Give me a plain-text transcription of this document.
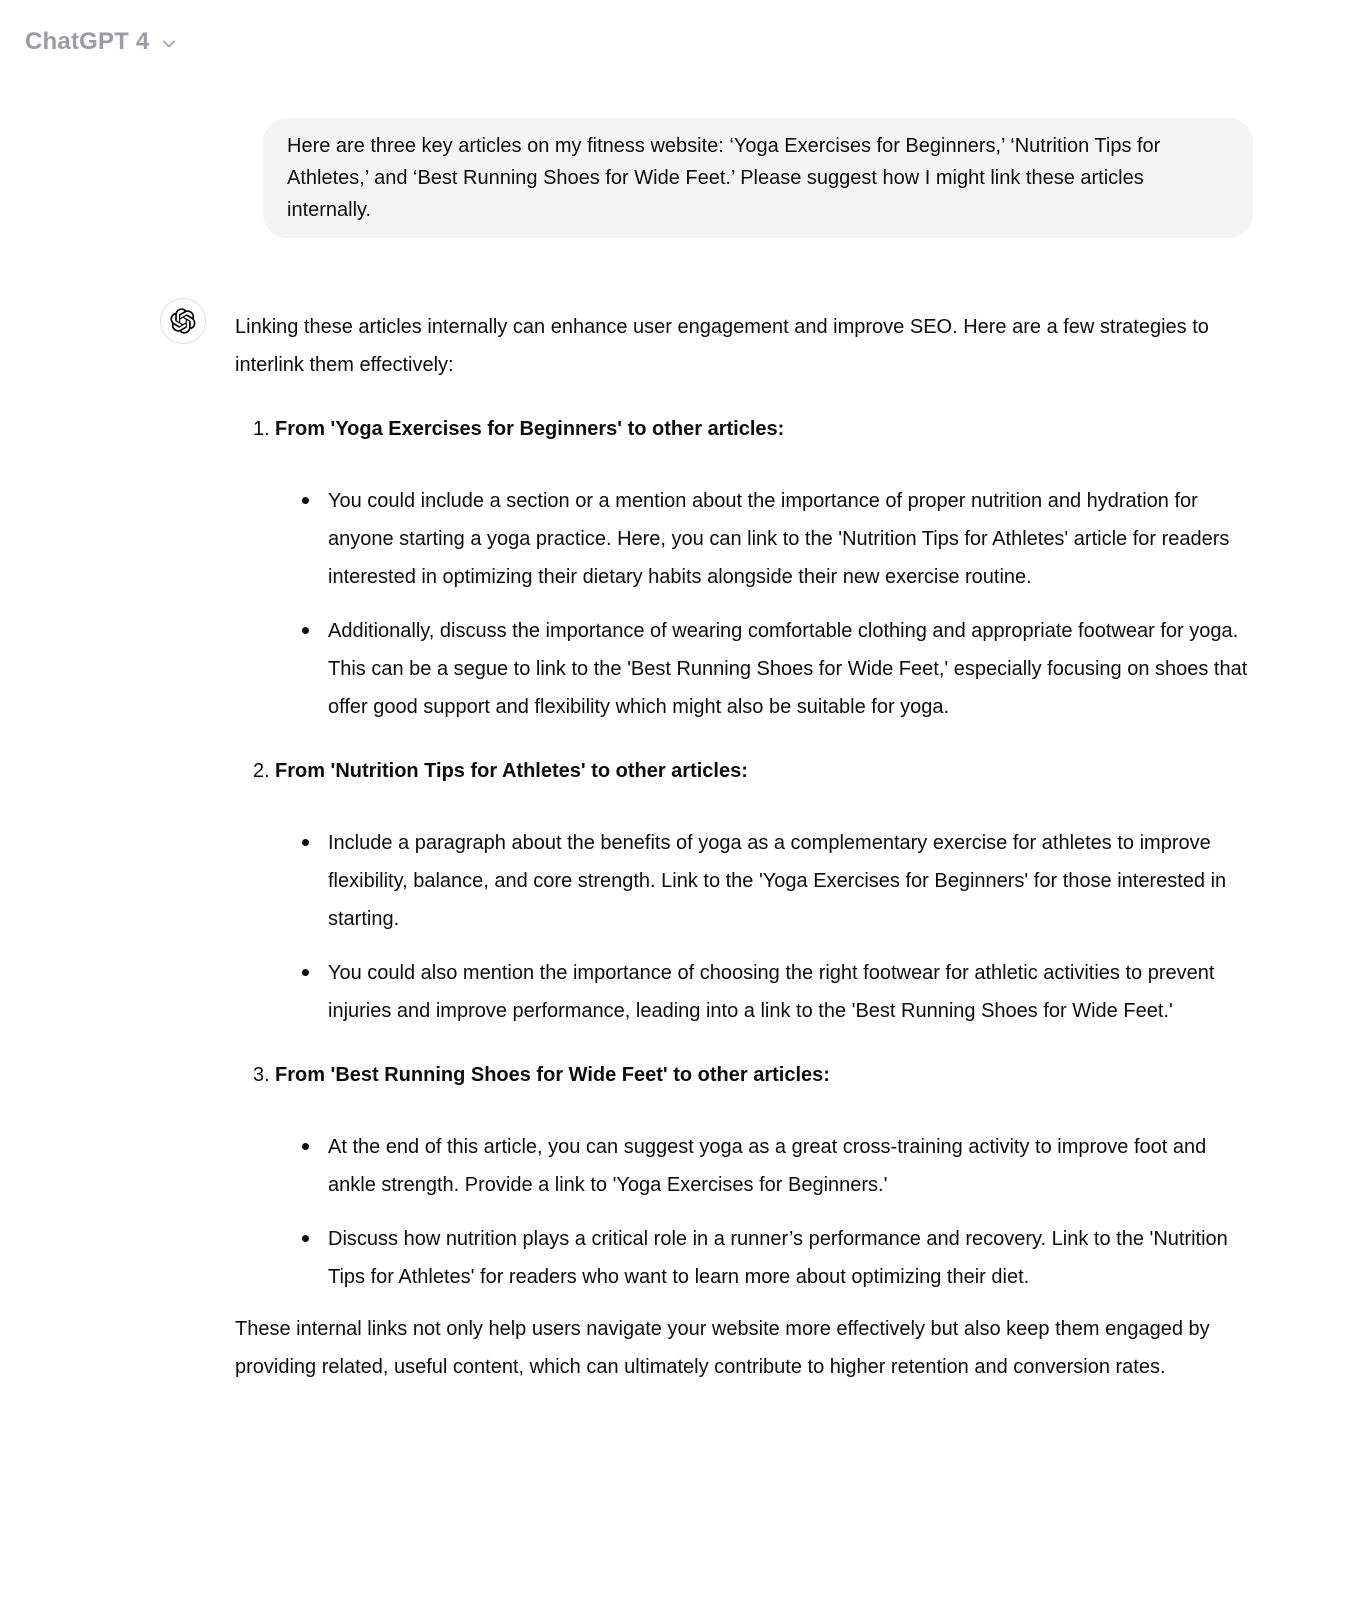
ChatGPT 4
Here are three key articles on my fitness website: ‘Yoga Exercises for Beginners,’ ‘Nutrition Tips for Athletes,’ and ‘Best Running Shoes for Wide Feet.’ Please suggest how I might link these articles internally.

Linking these articles internally can enhance user engagement and improve SEO. Here are a few strategies to interlink them effectively:

1. From 'Yoga Exercises for Beginners' to other articles:
You could include a section or a mention about the importance of proper nutrition and hydration for anyone starting a yoga practice. Here, you can link to the 'Nutrition Tips for Athletes' article for readers interested in optimizing their dietary habits alongside their new exercise routine.
Additionally, discuss the importance of wearing comfortable clothing and appropriate footwear for yoga. This can be a segue to link to the 'Best Running Shoes for Wide Feet,' especially focusing on shoes that offer good support and flexibility which might also be suitable for yoga.
2. From 'Nutrition Tips for Athletes' to other articles:
Include a paragraph about the benefits of yoga as a complementary exercise for athletes to improve flexibility, balance, and core strength. Link to the 'Yoga Exercises for Beginners' for those interested in starting.
You could also mention the importance of choosing the right footwear for athletic activities to prevent injuries and improve performance, leading into a link to the 'Best Running Shoes for Wide Feet.'
3. From 'Best Running Shoes for Wide Feet' to other articles:
At the end of this article, you can suggest yoga as a great cross-training activity to improve foot and ankle strength. Provide a link to 'Yoga Exercises for Beginners.'
Discuss how nutrition plays a critical role in a runner’s performance and recovery. Link to the 'Nutrition Tips for Athletes' for readers who want to learn more about optimizing their diet.

These internal links not only help users navigate your website more effectively but also keep them engaged by providing related, useful content, which can ultimately contribute to higher retention and conversion rates.
